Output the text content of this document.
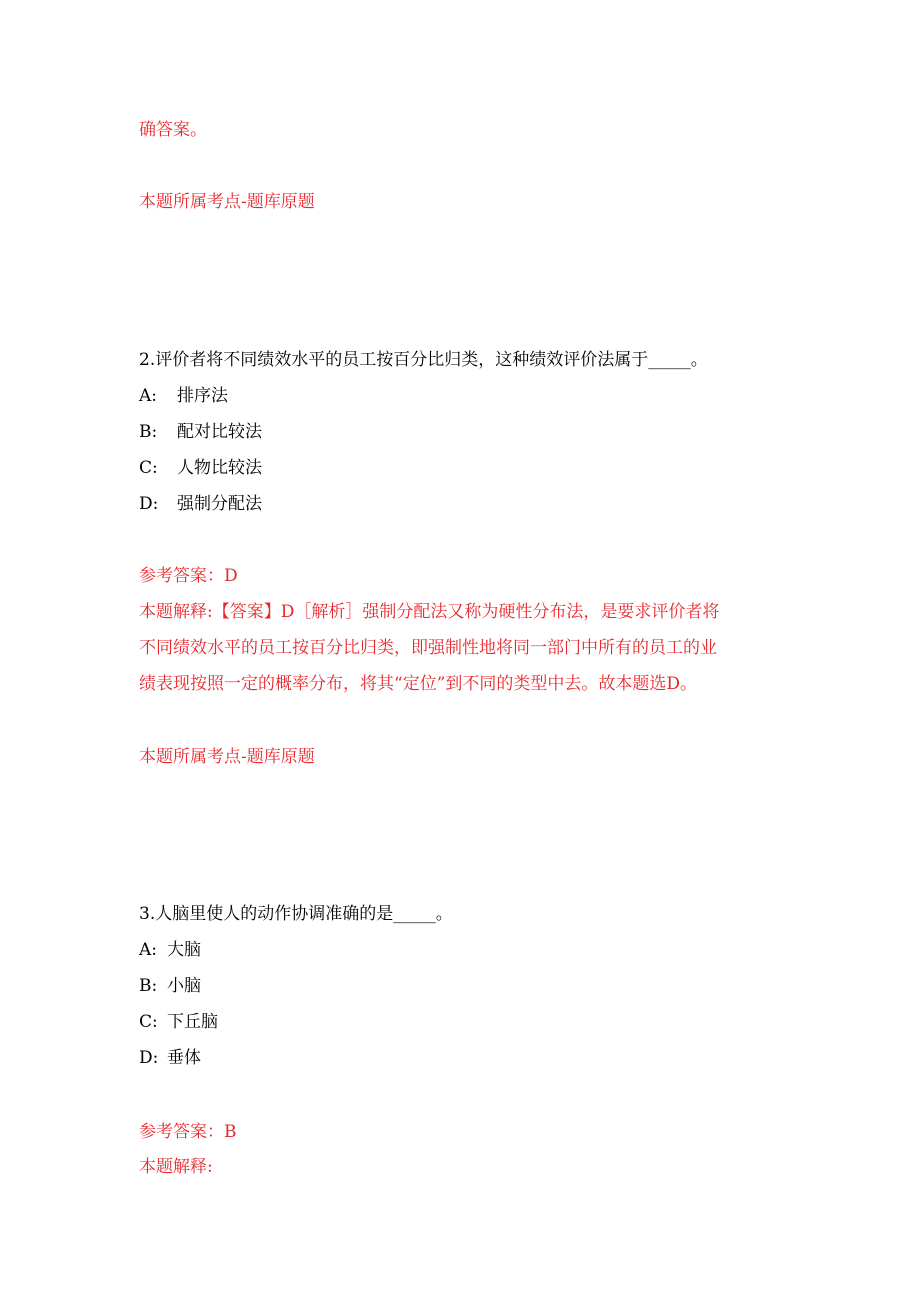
确答案。
本题所属考点-题库原题
2.评价者将不同绩效水平的员工按百分比归类，这种绩效评价法属于_____。
A: 排序法
B: 配对比较法
C: 人物比较法
D: 强制分配法
参考答案：D
本题解释:【答案】D［解析］强制分配法又称为硬性分布法，是要求评价者将
不同绩效水平的员工按百分比归类，即强制性地将同一部门中所有的员工的业
绩表现按照一定的概率分布，将其“定位”到不同的类型中去。故本题选D。
本题所属考点-题库原题
3.人脑里使人的动作协调准确的是_____。
A: 大脑
B: 小脑
C: 下丘脑
D: 垂体
参考答案：B
本题解释:
